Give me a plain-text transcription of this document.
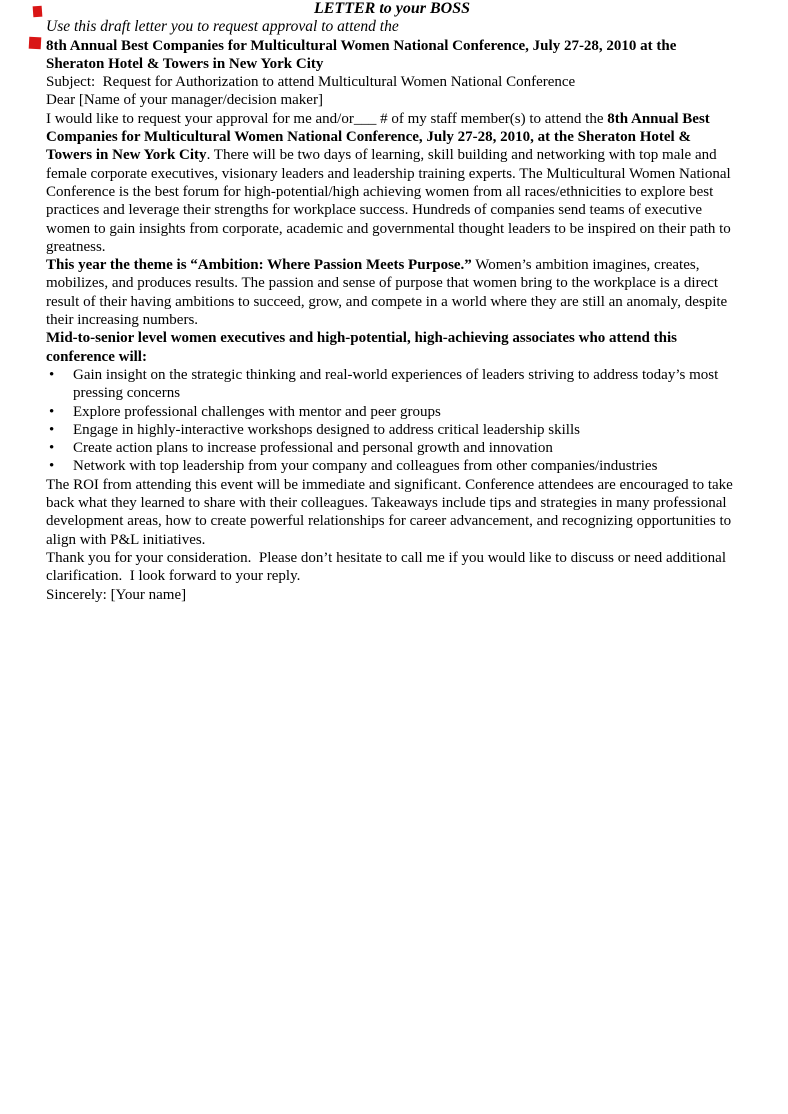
LETTER to your BOSS

Use this draft letter you to request approval to attend the

8th Annual Best Companies for Multicultural Women National Conference, July 27-28, 2010 at the Sheraton Hotel & Towers in New York City

Subject:  Request for Authorization to attend Multicultural Women National Conference

Dear [Name of your manager/decision maker]

I would like to request your approval for me and/or___ # of my staff member(s) to attend the 8th Annual Best Companies for Multicultural Women National Conference, July 27-28, 2010, at the Sheraton Hotel & Towers in New York City. There will be two days of learning, skill building and networking with top male and female corporate executives, visionary leaders and leadership training experts. The Multicultural Women National Conference is the best forum for high-potential/high achieving women from all races/ethnicities to explore best practices and leverage their strengths for workplace success. Hundreds of companies send teams of executive women to gain insights from corporate, academic and governmental thought leaders to be inspired on their path to greatness.

This year the theme is “Ambition: Where Passion Meets Purpose.” Women’s ambition imagines, creates, mobilizes, and produces results. The passion and sense of purpose that women bring to the workplace is a direct result of their having ambitions to succeed, grow, and compete in a world where they are still an anomaly, despite their increasing numbers.

Mid-to-senior level women executives and high-potential, high-achieving associates who attend this conference will:

• Gain insight on the strategic thinking and real-world experiences of leaders striving to address today’s most pressing concerns
• Explore professional challenges with mentor and peer groups
• Engage in highly-interactive workshops designed to address critical leadership skills
• Create action plans to increase professional and personal growth and innovation
• Network with top leadership from your company and colleagues from other companies/industries

The ROI from attending this event will be immediate and significant. Conference attendees are encouraged to take back what they learned to share with their colleagues. Takeaways include tips and strategies in many professional development areas, how to create powerful relationships for career advancement, and recognizing opportunities to align with P&L initiatives.

Thank you for your consideration.  Please don’t hesitate to call me if you would like to discuss or need additional clarification.  I look forward to your reply.

Sincerely: [Your name]
